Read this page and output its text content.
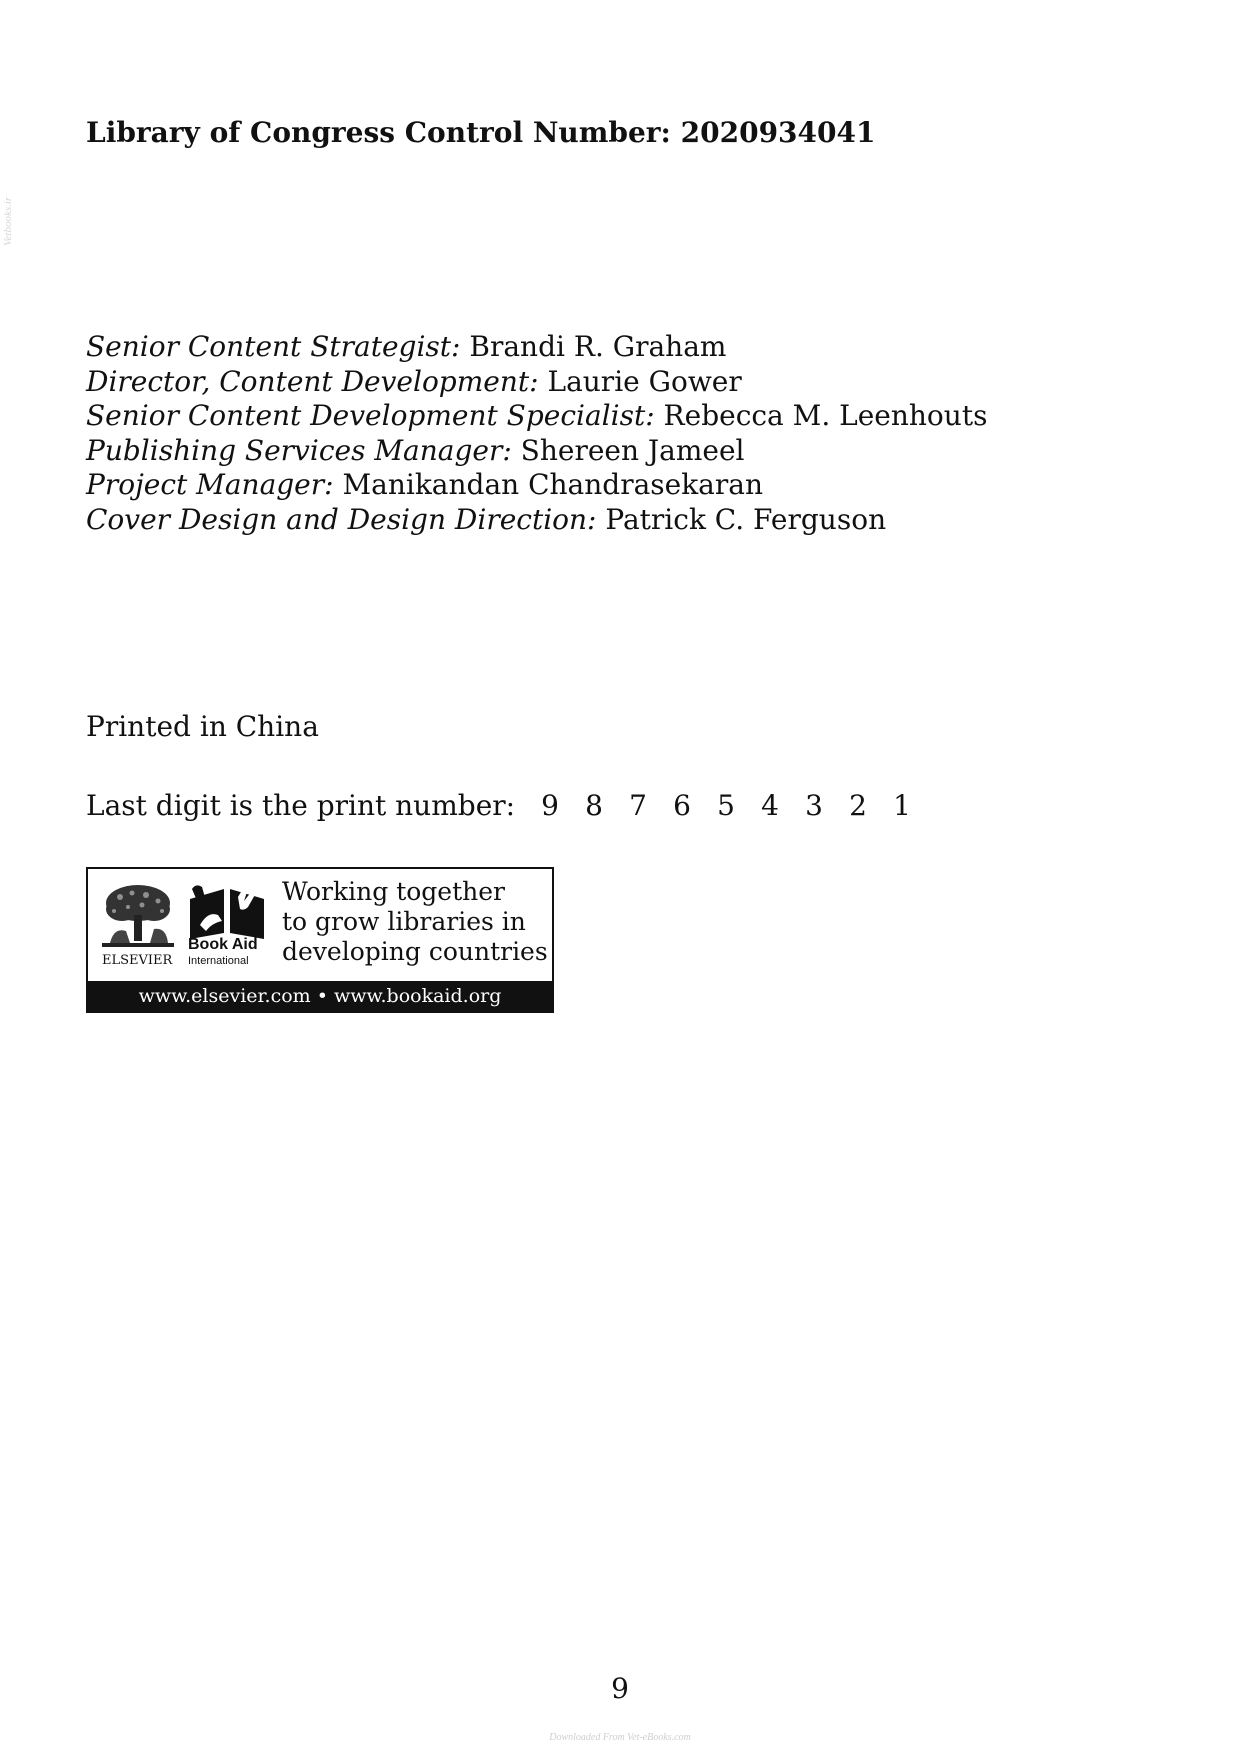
Vetbooks.ir
Library of Congress Control Number: 2020934041
Senior Content Strategist: Brandi R. Graham
Director, Content Development: Laurie Gower
Senior Content Development Specialist: Rebecca M. Leenhouts
Publishing Services Manager: Shereen Jameel
Project Manager: Manikandan Chandrasekaran
Cover Design and Design Direction: Patrick C. Ferguson
Printed in China
Last digit is the print number: 9 8 7 6 5 4 3 2 1
ELSEVIER
Book Aid
International
Working together
to grow libraries in
developing countries
www.elsevier.com • www.bookaid.org
9
Downloaded From Vet-eBooks.com
